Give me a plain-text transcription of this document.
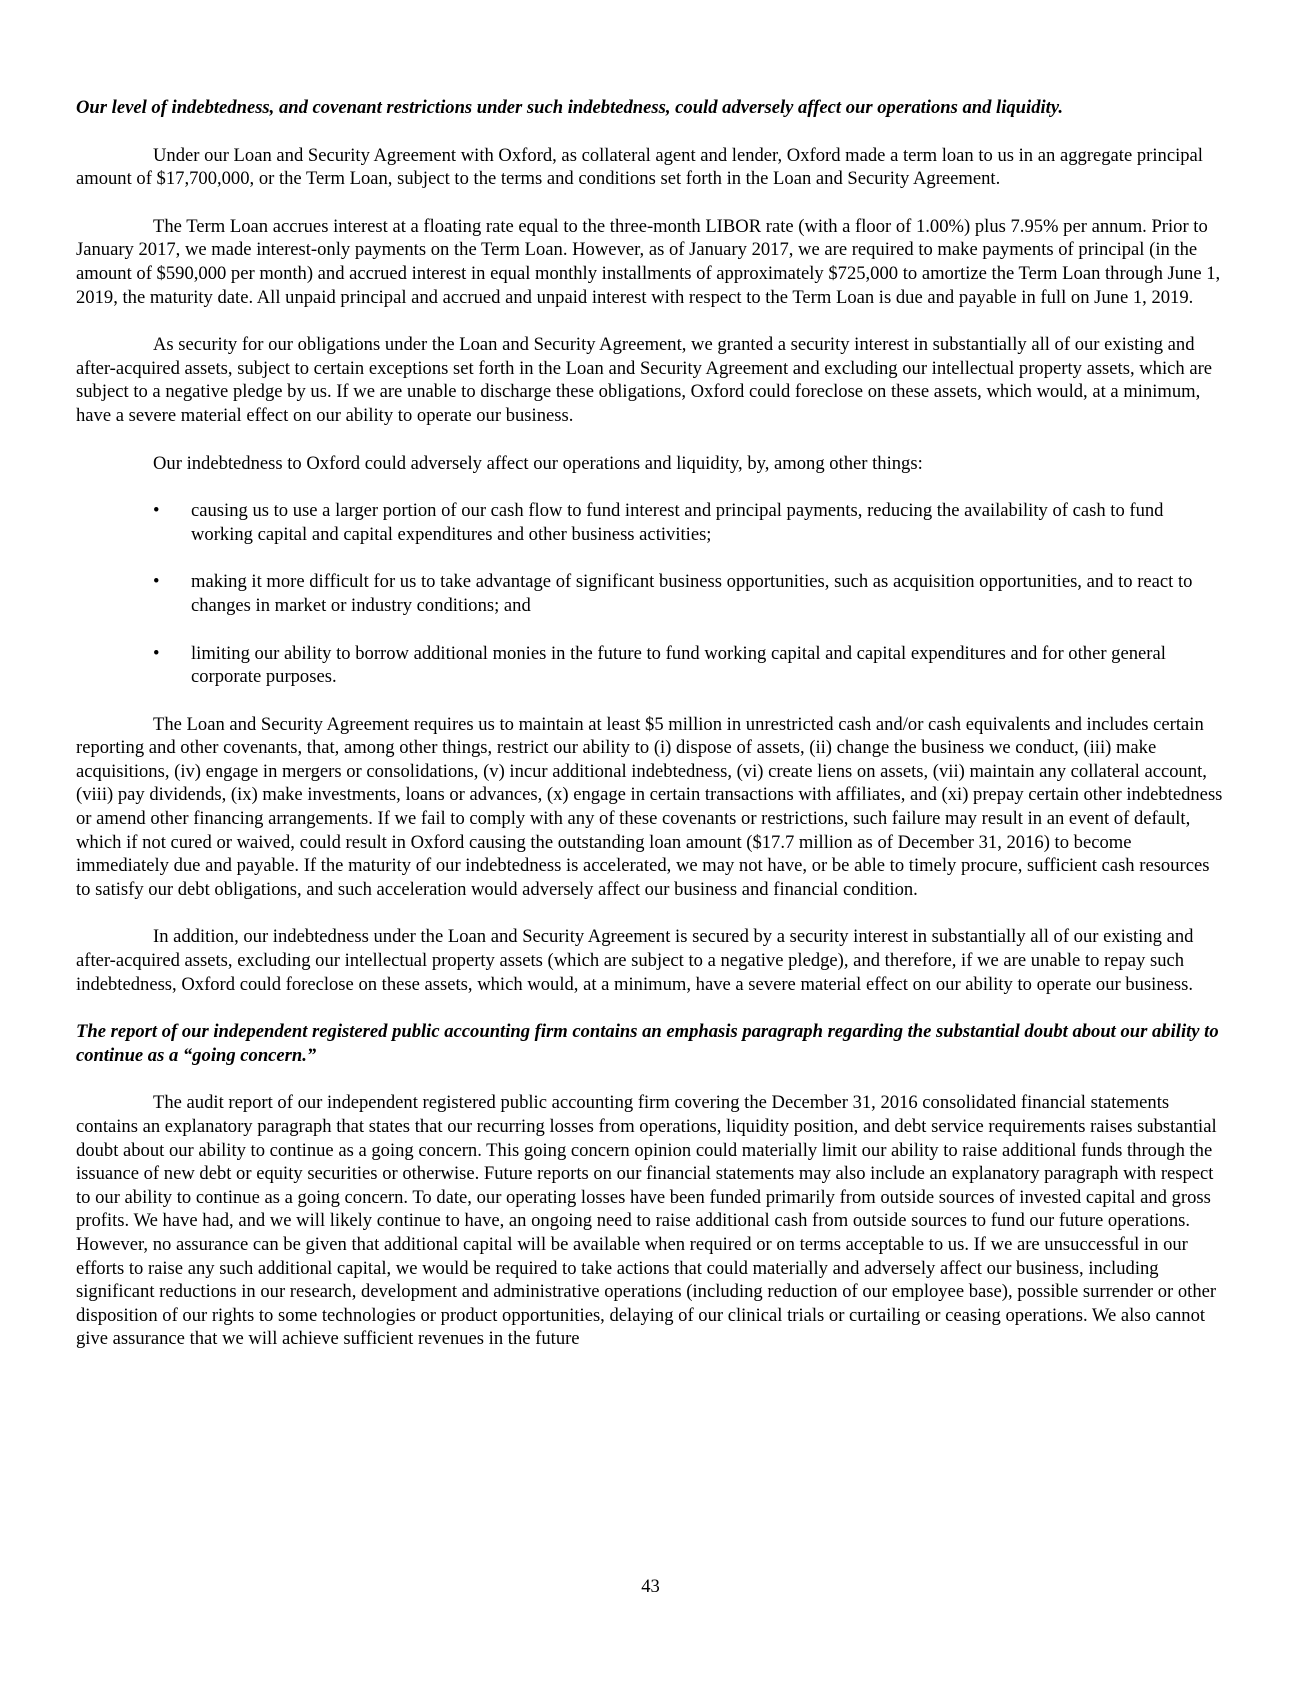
Our level of indebtedness, and covenant restrictions under such indebtedness, could adversely affect our operations and liquidity.

Under our Loan and Security Agreement with Oxford, as collateral agent and lender, Oxford made a term loan to us in an aggregate principal amount of $17,700,000, or the Term Loan, subject to the terms and conditions set forth in the Loan and Security Agreement.

The Term Loan accrues interest at a floating rate equal to the three-month LIBOR rate (with a floor of 1.00%) plus 7.95% per annum. Prior to January 2017, we made interest-only payments on the Term Loan. However, as of January 2017, we are required to make payments of principal (in the amount of $590,000 per month) and accrued interest in equal monthly installments of approximately $725,000 to amortize the Term Loan through June 1, 2019, the maturity date. All unpaid principal and accrued and unpaid interest with respect to the Term Loan is due and payable in full on June 1, 2019.

As security for our obligations under the Loan and Security Agreement, we granted a security interest in substantially all of our existing and after-acquired assets, subject to certain exceptions set forth in the Loan and Security Agreement and excluding our intellectual property assets, which are subject to a negative pledge by us. If we are unable to discharge these obligations, Oxford could foreclose on these assets, which would, at a minimum, have a severe material effect on our ability to operate our business.

Our indebtedness to Oxford could adversely affect our operations and liquidity, by, among other things:

• causing us to use a larger portion of our cash flow to fund interest and principal payments, reducing the availability of cash to fund working capital and capital expenditures and other business activities;
• making it more difficult for us to take advantage of significant business opportunities, such as acquisition opportunities, and to react to changes in market or industry conditions; and
• limiting our ability to borrow additional monies in the future to fund working capital and capital expenditures and for other general corporate purposes.

The Loan and Security Agreement requires us to maintain at least $5 million in unrestricted cash and/or cash equivalents and includes certain reporting and other covenants, that, among other things, restrict our ability to (i) dispose of assets, (ii) change the business we conduct, (iii) make acquisitions, (iv) engage in mergers or consolidations, (v) incur additional indebtedness, (vi) create liens on assets, (vii) maintain any collateral account, (viii) pay dividends, (ix) make investments, loans or advances, (x) engage in certain transactions with affiliates, and (xi) prepay certain other indebtedness or amend other financing arrangements. If we fail to comply with any of these covenants or restrictions, such failure may result in an event of default, which if not cured or waived, could result in Oxford causing the outstanding loan amount ($17.7 million as of December 31, 2016) to become immediately due and payable. If the maturity of our indebtedness is accelerated, we may not have, or be able to timely procure, sufficient cash resources to satisfy our debt obligations, and such acceleration would adversely affect our business and financial condition.

In addition, our indebtedness under the Loan and Security Agreement is secured by a security interest in substantially all of our existing and after-acquired assets, excluding our intellectual property assets (which are subject to a negative pledge), and therefore, if we are unable to repay such indebtedness, Oxford could foreclose on these assets, which would, at a minimum, have a severe material effect on our ability to operate our business.

The report of our independent registered public accounting firm contains an emphasis paragraph regarding the substantial doubt about our ability to continue as a “going concern.”

The audit report of our independent registered public accounting firm covering the December 31, 2016 consolidated financial statements contains an explanatory paragraph that states that our recurring losses from operations, liquidity position, and debt service requirements raises substantial doubt about our ability to continue as a going concern. This going concern opinion could materially limit our ability to raise additional funds through the issuance of new debt or equity securities or otherwise. Future reports on our financial statements may also include an explanatory paragraph with respect to our ability to continue as a going concern. To date, our operating losses have been funded primarily from outside sources of invested capital and gross profits. We have had, and we will likely continue to have, an ongoing need to raise additional cash from outside sources to fund our future operations. However, no assurance can be given that additional capital will be available when required or on terms acceptable to us. If we are unsuccessful in our efforts to raise any such additional capital, we would be required to take actions that could materially and adversely affect our business, including significant reductions in our research, development and administrative operations (including reduction of our employee base), possible surrender or other disposition of our rights to some technologies or product opportunities, delaying of our clinical trials or curtailing or ceasing operations. We also cannot give assurance that we will achieve sufficient revenues in the future

43
